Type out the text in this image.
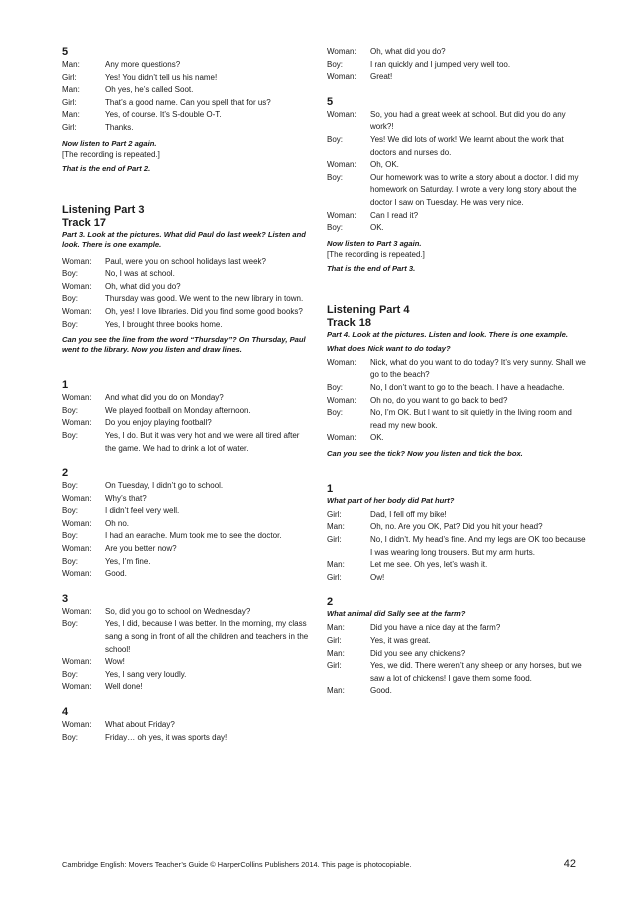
5
Man:	Any more questions?
Girl:	Yes! You didn’t tell us his name!
Man:	Oh yes, he’s called Soot.
Girl:	That’s a good name. Can you spell that for us?
Man:	Yes, of course. It’s S-double O-T.
Girl:	Thanks.
Now listen to Part 2 again.
[The recording is repeated.]
That is the end of Part 2.
Listening Part 3
Track 17
Part 3. Look at the pictures. What did Paul do last week? Listen and look. There is one example.
Woman:	Paul, were you on school holidays last week?
Boy:	No, I was at school.
Woman:	Oh, what did you do?
Boy:	Thursday was good. We went to the new library in town.
Woman:	Oh, yes! I love libraries. Did you find some good books?
Boy:	Yes, I brought three books home.
Can you see the line from the word “Thursday”? On Thursday, Paul went to the library. Now you listen and draw lines.
1
Woman:	And what did you do on Monday?
Boy:	We played football on Monday afternoon.
Woman:	Do you enjoy playing football?
Boy:	Yes, I do. But it was very hot and we were all tired after the game. We had to drink a lot of water.
2
Boy:	On Tuesday, I didn’t go to school.
Woman:	Why’s that?
Boy:	I didn’t feel very well.
Woman:	Oh no.
Boy:	I had an earache. Mum took me to see the doctor.
Woman:	Are you better now?
Boy:	Yes, I’m fine.
Woman:	Good.
3
Woman:	So, did you go to school on Wednesday?
Boy:	Yes, I did, because I was better. In the morning, my class sang a song in front of all the children and teachers in the school!
Woman:	Wow!
Boy:	Yes, I sang very loudly.
Woman:	Well done!
4
Woman:	What about Friday?
Boy:	Friday… oh yes, it was sports day!
Woman:	Oh, what did you do?
Boy:	I ran quickly and I jumped very well too.
Woman:	Great!
5
Woman:	So, you had a great week at school. But did you do any work?!
Boy:	Yes! We did lots of work! We learnt about the work that doctors and nurses do.
Woman:	Oh, OK.
Boy:	Our homework was to write a story about a doctor. I did my homework on Saturday. I wrote a very long story about the doctor I saw on Tuesday. He was very nice.
Woman:	Can I read it?
Boy:	OK.
Now listen to Part 3 again.
[The recording is repeated.]
That is the end of Part 3.
Listening Part 4
Track 18
Part 4. Look at the pictures. Listen and look. There is one example.
What does Nick want to do today?
Woman:	Nick, what do you want to do today? It’s very sunny. Shall we go to the beach?
Boy:	No, I don’t want to go to the beach. I have a headache.
Woman:	Oh no, do you want to go back to bed?
Boy:	No, I’m OK. But I want to sit quietly in the living room and read my new book.
Woman:	OK.
Can you see the tick? Now you listen and tick the box.
1
What part of her body did Pat hurt?
Girl:	Dad, I fell off my bike!
Man:	Oh, no. Are you OK, Pat? Did you hit your head?
Girl:	No, I didn’t. My head’s fine. And my legs are OK too because I was wearing long trousers. But my arm hurts.
Man:	Let me see. Oh yes, let’s wash it.
Girl:	Ow!
2
What animal did Sally see at the farm?
Man:	Did you have a nice day at the farm?
Girl:	Yes, it was great.
Man:	Did you see any chickens?
Girl:	Yes, we did. There weren’t any sheep or any horses, but we saw a lot of chickens! I gave them some food.
Man:	Good.
Cambridge English: Movers Teacher’s Guide © HarperCollins Publishers 2014. This page is photocopiable.	42
